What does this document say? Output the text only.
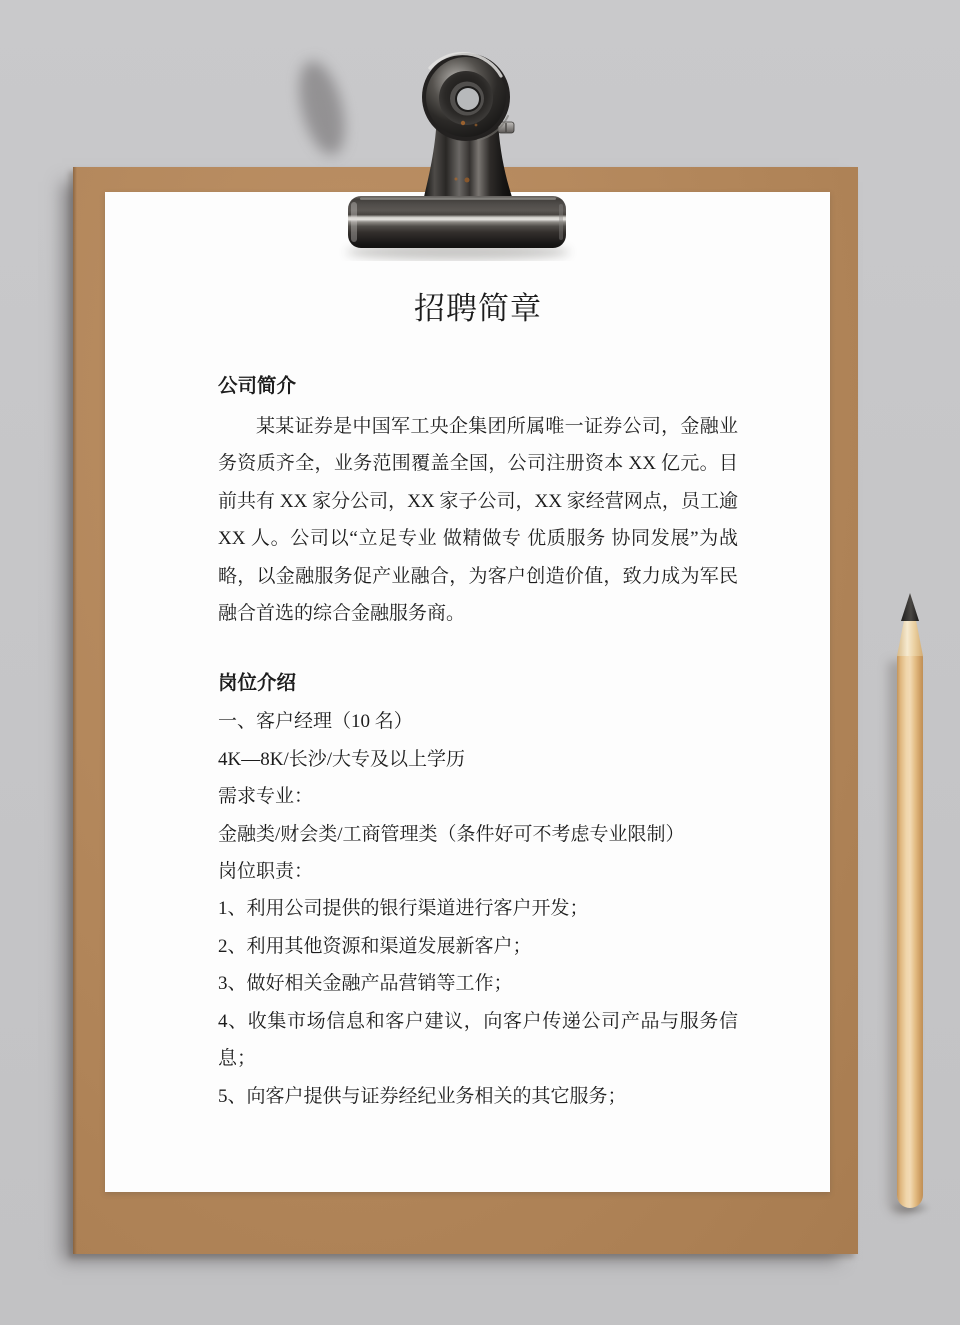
招聘简章
公司简介

某某证券是中国军工央企集团所属唯一证券公司，金融业务资质齐全，业务范围覆盖全国，公司注册资本 XX 亿元。目前共有 XX 家分公司，XX 家子公司，XX 家经营网点，员工逾 XX 人。公司以“立足专业 做精做专 优质服务 协同发展”为战略，以金融服务促产业融合，为客户创造价值，致力成为军民融合首选的综合金融服务商。

岗位介绍

一、客户经理（10 名）

4K—8K/长沙/大专及以上学历

需求专业：

金融类/财会类/工商管理类（条件好可不考虑专业限制）

岗位职责：

1、利用公司提供的银行渠道进行客户开发；

2、利用其他资源和渠道发展新客户；

3、做好相关金融产品营销等工作；

4、收集市场信息和客户建议，向客户传递公司产品与服务信息；

5、向客户提供与证券经纪业务相关的其它服务；
